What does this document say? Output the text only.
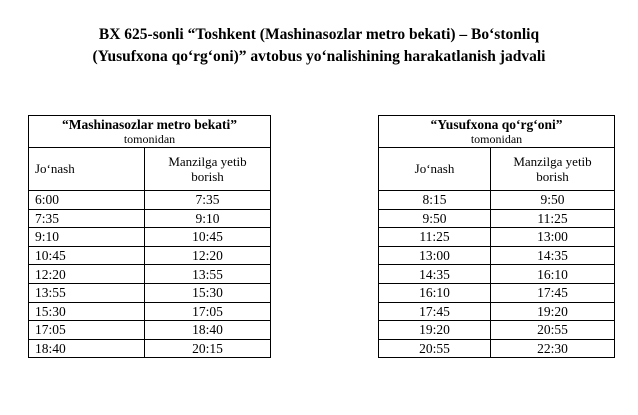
BX 625-sonli “Toshkent (Mashinasozlar metro bekati) – Bo‘stonliq
(Yusufxona qo‘rg‘oni)” avtobus yo‘nalishining harakatlanish jadvali
“Mashinasozlar metro bekati”
tomonidan	

Jo‘nash	Manzilga yetib
borish

6:00	7:35
7:35	9:10
9:10	10:45
10:45	12:20
12:20	13:55
13:55	15:30
15:30	17:05
17:05	18:40
18:40	20:15
“Yusufxona qo‘rg‘oni”
tomonidan	

Jo‘nash	Manzilga yetib
borish

8:15	9:50
9:50	11:25
11:25	13:00
13:00	14:35
14:35	16:10
16:10	17:45
17:45	19:20
19:20	20:55
20:55	22:30
